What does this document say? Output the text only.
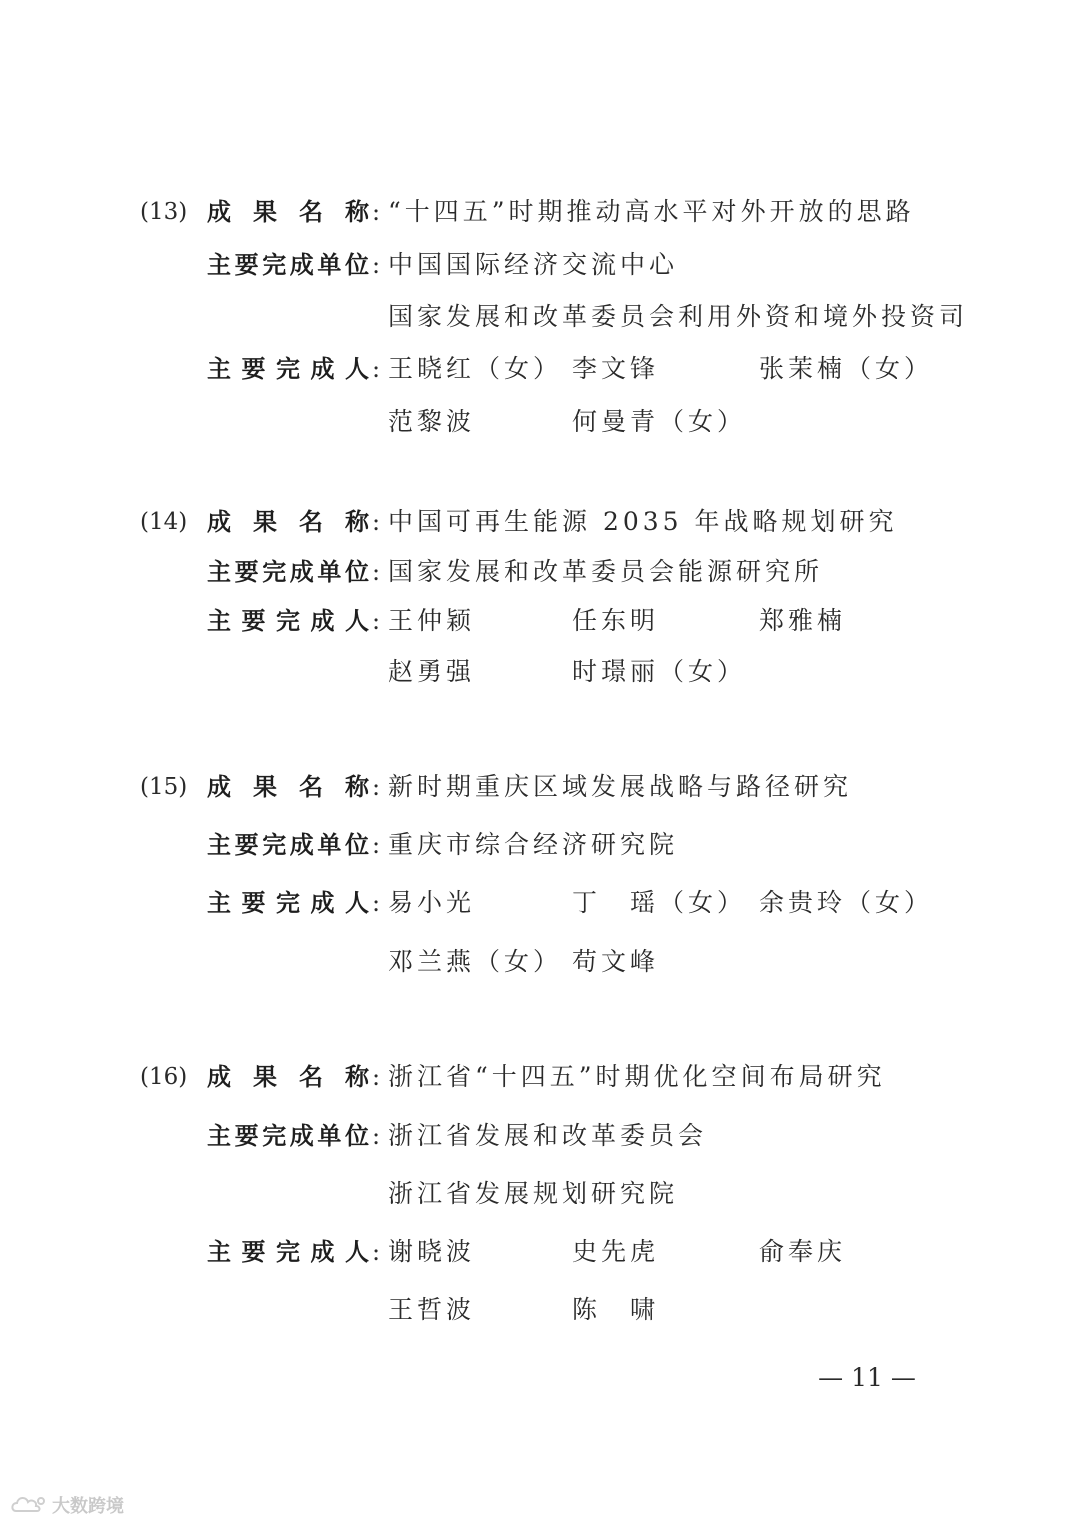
(13) 成 果 名 称 : “十四五”时期推动高水平对外开放的思路
主 要 完 成 单 位 : 中国国际经济交流中心
国家发展和改革委员会利用外资和境外投资司
主 要 完 成 人 : 王晓红（女） 李文锋	张茉楠（女）
范黎波	何曼青（女）
(14) 成 果 名 称 : 中国可再生能源 2035 年战略规划研究
主 要 完 成 单 位 : 国家发展和改革委员会能源研究所
主 要 完 成 人 : 王仲颖	任东明	郑雅楠
赵勇强	时璟丽（女）
(15) 成 果 名 称 : 新时期重庆区域发展战略与路径研究
主 要 完 成 单 位 : 重庆市综合经济研究院
主 要 完 成 人 : 易小光	丁　瑶（女） 余贵玲（女）
邓兰燕（女） 苟文峰
(16) 成 果 名 称 : 浙江省“十四五”时期优化空间布局研究
主 要 完 成 单 位 : 浙江省发展和改革委员会
浙江省发展规划研究院
主 要 完 成 人 : 谢晓波	史先虎	俞奉庆
王哲波	陈　啸
— 11 —
大数跨境
